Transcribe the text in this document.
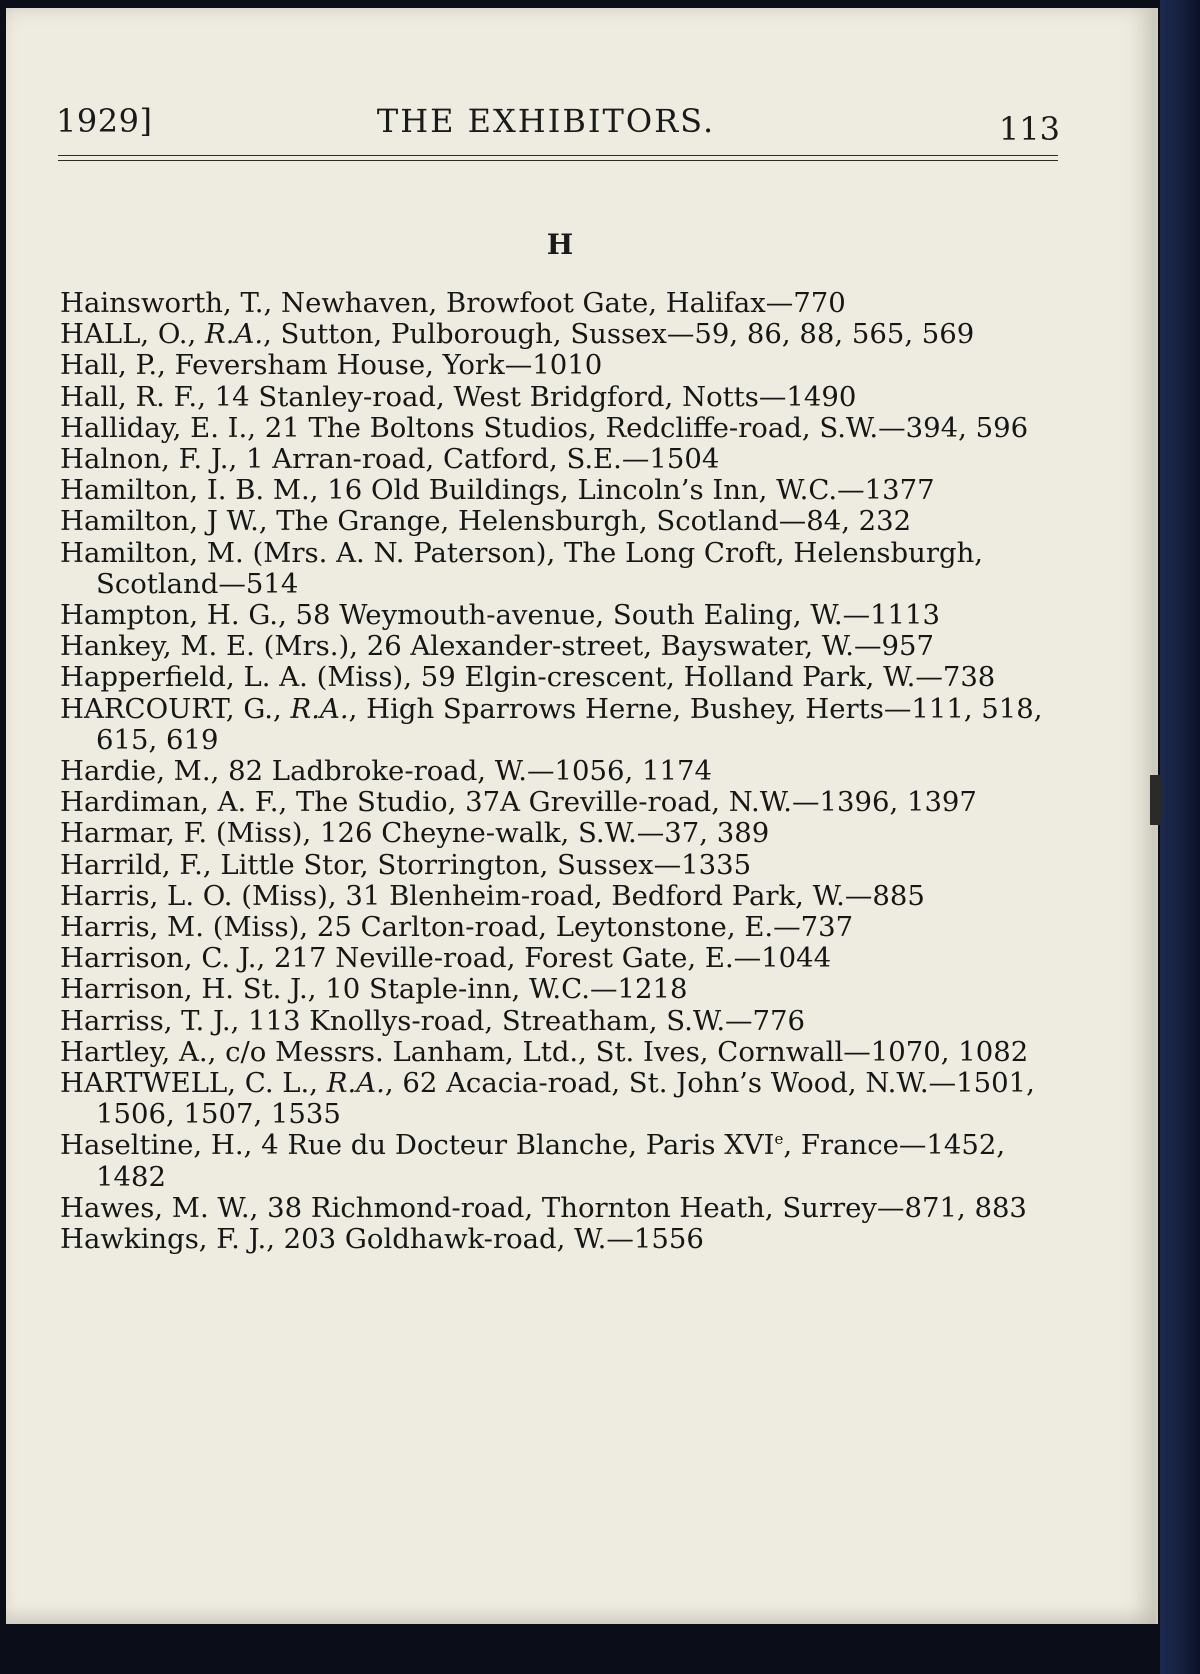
1929]	THE EXHIBITORS.	113
H
Hainsworth, T., Newhaven, Browfoot Gate, Halifax—770
HALL, O., R.A., Sutton, Pulborough, Sussex—59, 86, 88, 565, 569
Hall, P., Feversham House, York—1010
Hall, R. F., 14 Stanley-road, West Bridgford, Notts—1490
Halliday, E. I., 21 The Boltons Studios, Redcliffe-road, S.W.—394, 596
Halnon, F. J., 1 Arran-road, Catford, S.E.—1504
Hamilton, I. B. M., 16 Old Buildings, Lincoln’s Inn, W.C.—1377
Hamilton, J W., The Grange, Helensburgh, Scotland—84, 232
Hamilton, M. (Mrs. A. N. Paterson), The Long Croft, Helensburgh, Scotland—514
Hampton, H. G., 58 Weymouth-avenue, South Ealing, W.—1113
Hankey, M. E. (Mrs.), 26 Alexander-street, Bayswater, W.—957
Happerfield, L. A. (Miss), 59 Elgin-crescent, Holland Park, W.—738
HARCOURT, G., R.A., High Sparrows Herne, Bushey, Herts—111, 518, 615, 619
Hardie, M., 82 Ladbroke-road, W.—1056, 1174
Hardiman, A. F., The Studio, 37A Greville-road, N.W.—1396, 1397
Harmar, F. (Miss), 126 Cheyne-walk, S.W.—37, 389
Harrild, F., Little Stor, Storrington, Sussex—1335
Harris, L. O. (Miss), 31 Blenheim-road, Bedford Park, W.—885
Harris, M. (Miss), 25 Carlton-road, Leytonstone, E.—737
Harrison, C. J., 217 Neville-road, Forest Gate, E.—1044
Harrison, H. St. J., 10 Staple-inn, W.C.—1218
Harriss, T. J., 113 Knollys-road, Streatham, S.W.—776
Hartley, A., c/o Messrs. Lanham, Ltd., St. Ives, Cornwall—1070, 1082
HARTWELL, C. L., R.A., 62 Acacia-road, St. John’s Wood, N.W.—1501, 1506, 1507, 1535
Haseltine, H., 4 Rue du Docteur Blanche, Paris XVIe, France—1452, 1482
Hawes, M. W., 38 Richmond-road, Thornton Heath, Surrey—871, 883
Hawkings, F. J., 203 Goldhawk-road, W.—1556
